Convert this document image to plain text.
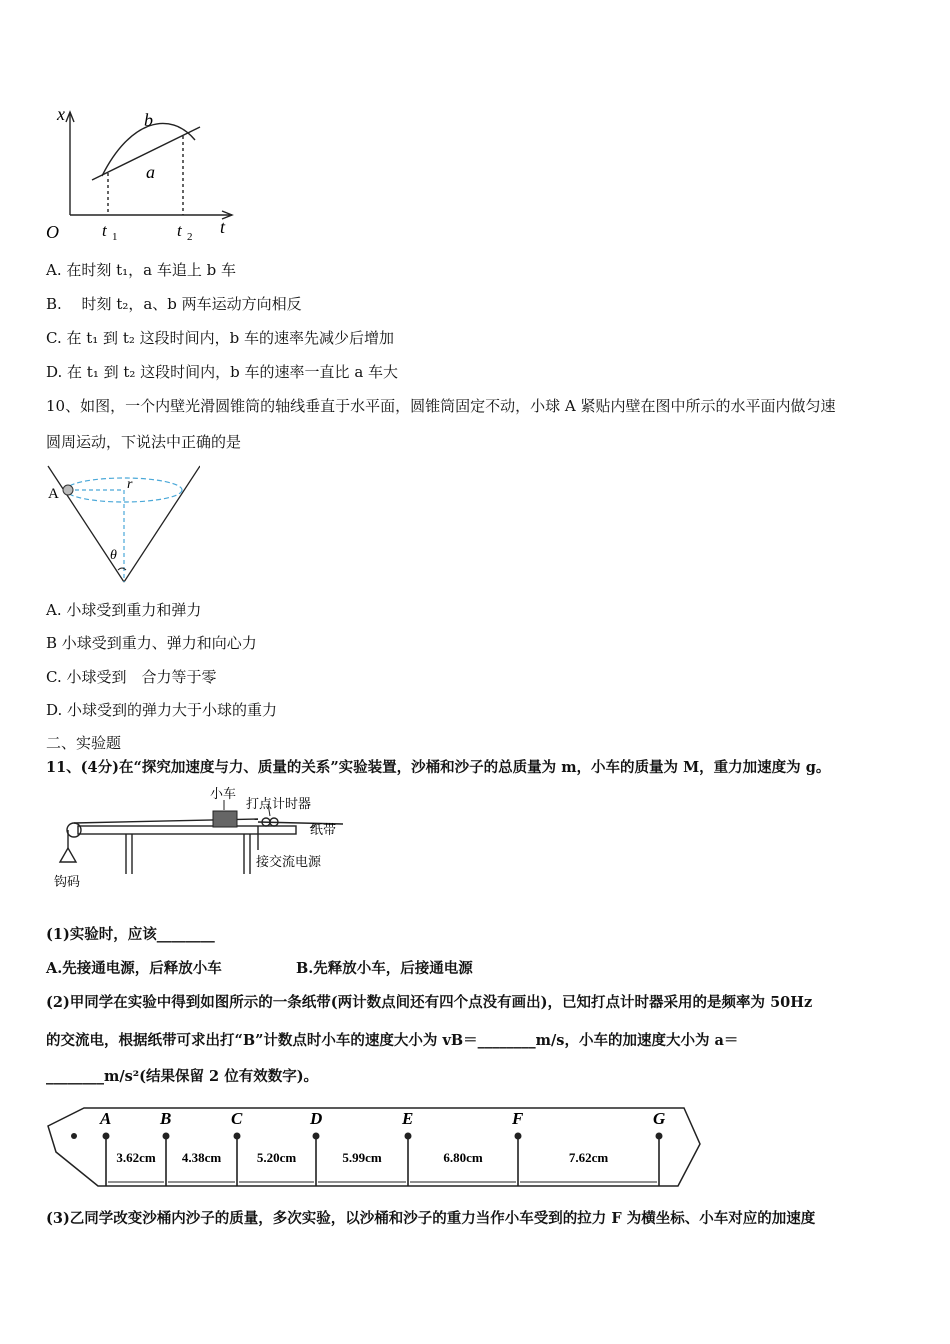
x	b
a
O	t 1	t 2 t
A. 在时刻 t₁，a 车追上 b 车
B.　 时刻 t₂，a、b 两车运动方向相反
C. 在 t₁ 到 t₂ 这段时间内，b 车的速率先减少后增加
D. 在 t₁ 到 t₂ 这段时间内，b 车的速率一直比 a 车大
10、如图，一个内壁光滑圆锥筒的轴线垂直于水平面，圆锥筒固定不动，小球 A 紧贴内壁在图中所示的水平面内做匀速
圆周运动，下说法中正确的是
A
r
θ
A. 小球受到重力和弹力
B 小球受到重力、弹力和向心力
C. 小球受到　合力等于零
D. 小球受到的弹力大于小球的重力
二、实验题
11、(4分)在“探究加速度与力、质量的关系”实验装置，沙桶和沙子的总质量为 m，小车的质量为 M，重力加速度为 g。
小车
打点计时器
纸带
接交流电源
钩码
(1)实验时，应该________
A.先接通电源，后释放小车	B.先释放小车，后接通电源
(2)甲同学在实验中得到如图所示的一条纸带(两计数点间还有四个点没有画出)，已知打点计时器采用的是频率为 50Hz
的交流电，根据纸带可求出打“B”计数点时小车的速度大小为 vB＝________m/s，小车的加速度大小为 a＝
________m/s²(结果保留 2 位有效数字)。
A	B	C	D	E	F	G
3.62cm 4.38cm	5.20cm	5.99cm	6.80cm	7.62cm
(3)乙同学改变沙桶内沙子的质量，多次实验，以沙桶和沙子的重力当作小车受到的拉力 F 为横坐标、小车对应的加速度
